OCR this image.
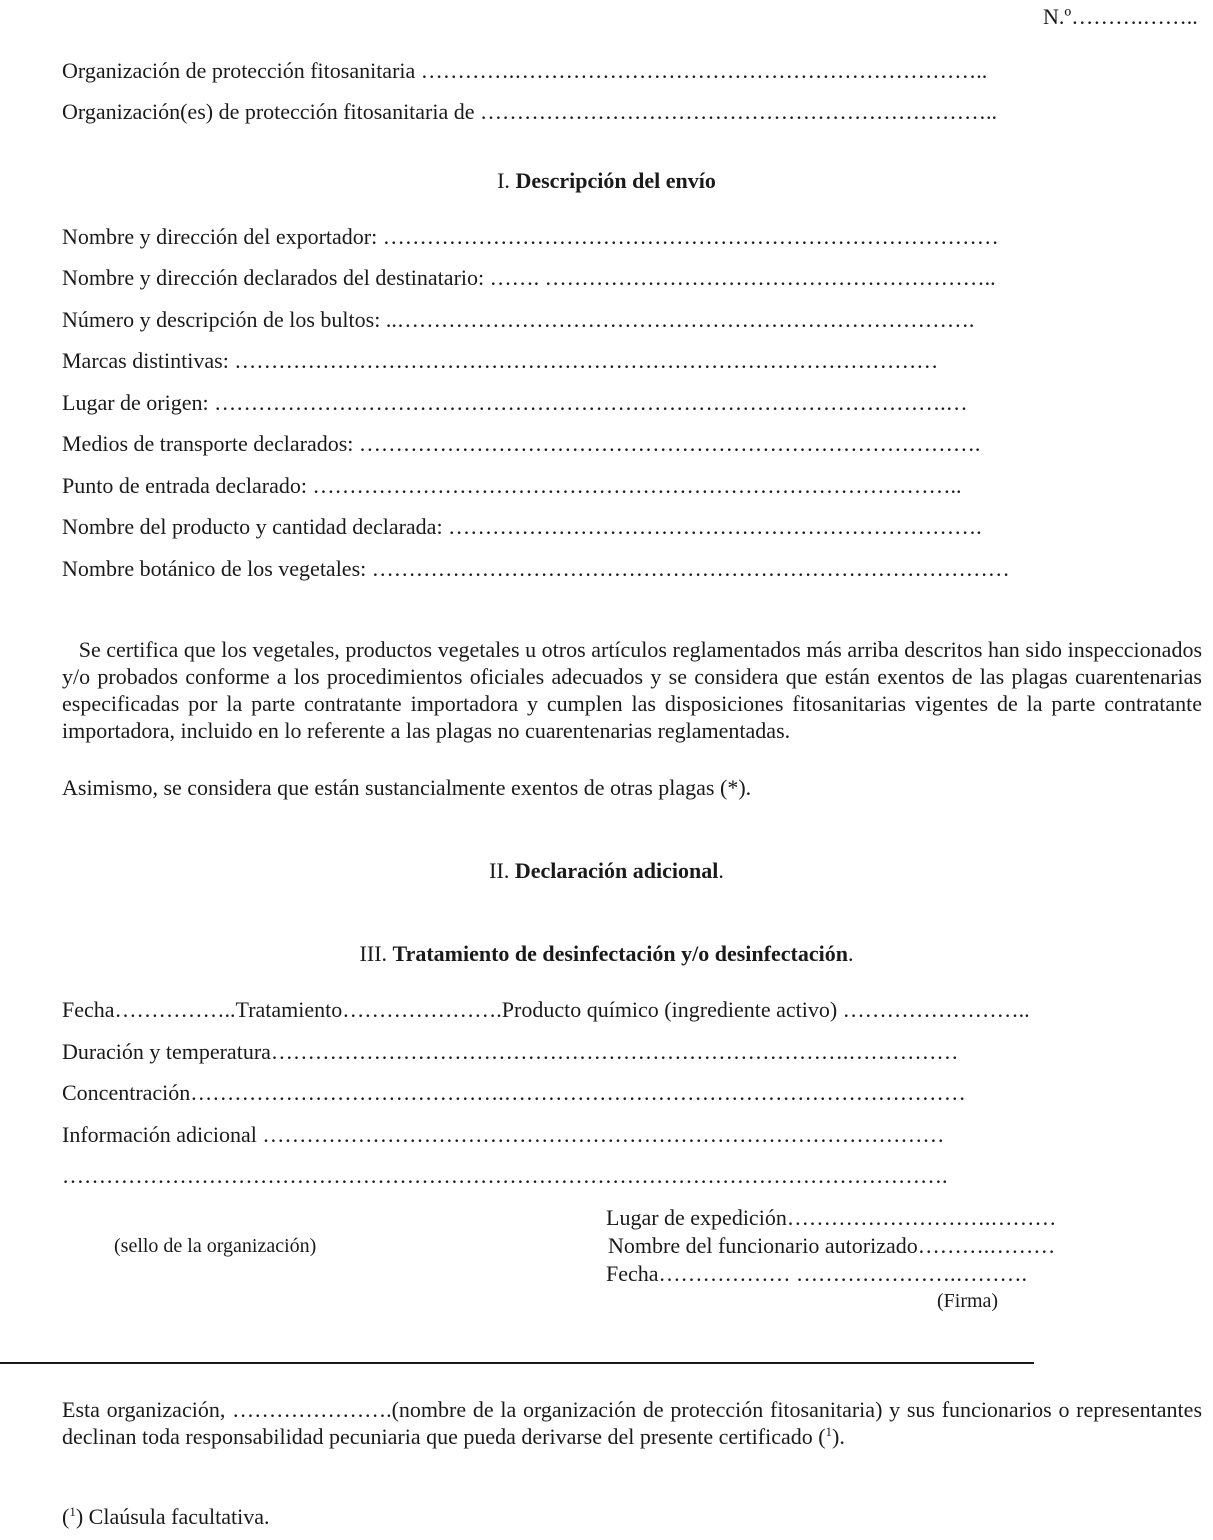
N.º……….……..
Organización de protección fitosanitaria ………….………………………………………………………..
Organización(es) de protección fitosanitaria de ……………………………………………………………..
I. Descripción del envío
Nombre y dirección del exportador: …………………………………………………………………………
Nombre y dirección declarados del destinatario: ……. ……………………………………………………..
Número y descripción de los bultos: ..…………………………………………………………………….
Marcas distintivas: ……………………………………………………………………………………
Lugar de origen: ……………………………………………………………………………………….…
Medios de transporte declarados: ………………………………………………………………………….
Punto de entrada declarado: ……………………………………………………………………………..
Nombre del producto y cantidad declarada: ……………………………………………………………….
Nombre botánico de los vegetales: ……………………………………………………………………………
Se certifica que los vegetales, productos vegetales u otros artículos reglamentados más arriba descritos han sido inspeccionados y/o probados conforme a los procedimientos oficiales adecuados y se considera que están exentos de las plagas cuarentenarias especificadas por la parte contratante importadora y cumplen las disposiciones fitosanitarias vigentes de la parte contratante importadora, incluido en lo referente a las plagas no cuarentenarias reglamentadas.
Asimismo, se considera que están sustancialmente exentos de otras plagas (*).
II. Declaración adicional.
III. Tratamiento de desinfectación y/o desinfectación.
Fecha……………..Tratamiento………………….Producto químico (ingrediente activo) ……………………..
Duración y temperatura…………………………………………………………………….……………
Concentración…………………………………….………………………………………………………
Información adicional …………………………………………………………………………………
………………………………………………………………………………………………………….
(sello de la organización)
Lugar de expedición……………………….………
Nombre del funcionario autorizado……….………
Fecha……………… ………………….……….
(Firma)
Esta organización, ………………….(nombre de la organización de protección fitosanitaria) y sus funcionarios o representantes declinan toda responsabilidad pecuniaria que pueda derivarse del presente certificado ($^1$).
($^1$) Claúsula facultativa.
